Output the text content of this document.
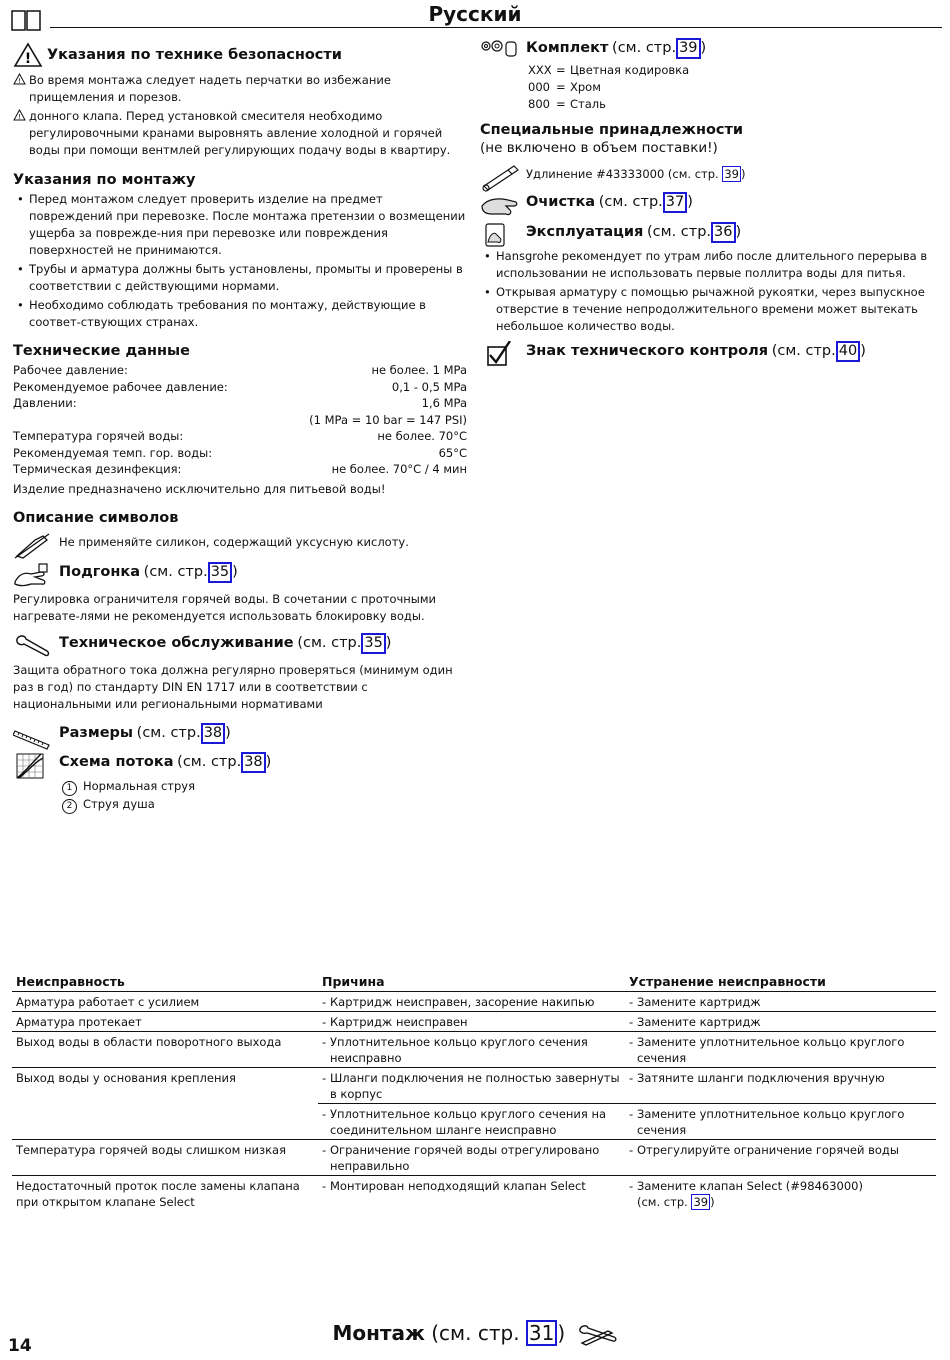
Русский
! Указания по технике безопасности
! Во время монтажа следует надеть перчатки во избежание прищемления и порезов.
! донного клапа. Перед установкой смесителя необходимо регулировочными кранами выровнять авление холодной и горячей воды при помощи вентмлей регулирующих подачу воды в квартиру.
Указания по монтажу
• Перед монтажом следует проверить изделие на предмет повреждений при перевозке. После монтажа претензии о возмещении ущерба за поврежде-ния при перевозке или повреждения поверхностей не принимаются.
• Трубы и арматура должны быть установлены, промыты и проверены в соответствии с действующими нормами.
• Необходимо соблюдать требования по монтажу, действующие в соответ-ствующих странах.
Технические данные
Рабочее давление:	не более. 1 MPa
Рекомендуемое рабочее давление:	0,1 - 0,5 MPa
Давлении:	1,6 MPa
(1 MPa = 10 bar = 147 PSI)
Температура горячей воды:	не более. 70°C
Рекомендуемая темп. гор. воды:	65°C
Термическая дезинфекция:	не более. 70°C / 4 мин
Изделие предназначено исключительно для питьевой воды!
Описание символов
Не применяйте силикон, содержащий уксусную кислоту.
Подгонка (см. стр. 35 )
Регулировка ограничителя горячей воды. В сочетании с проточными нагревате-лями не рекомендуется использовать блокировку воды.
Техническое обслуживание (см. стр. 35 )
Защита обратного тока должна регулярно проверяться (минимум один раз в год) по стандарту DIN EN 1717 или в соответствии с национальными или региональными нормативами
Размеры (см. стр. 38 )
Схема потока (см. стр. 38 )
1 Нормальная струя
2 Струя душа
Комплект (см. стр. 39 )
XXX = Цветная кодировка
000 = Хром
800 = Сталь
Специальные принадлежности
(не включено в объем поставки!)
Удлинение #43333000 (см. стр. 39 )
Очистка (см. стр. 37 )
Эксплуатация (см. стр. 36 )
• Hansgrohe рекомендует по утрам либо после длительного перерыва в использовании не использовать первые поллитра воды для питья.
• Открывая арматуру с помощью рычажной рукоятки, через выпускное отверстие в течение непродолжительного времени может вытекать небольшое количество воды.
Знак технического контроля (см. стр. 40 )
Неисправность	Причина	Устранение неисправности
Арматура работает с усилием	- Картридж неисправен, засорение накипью	- Замените картридж

Арматура протекает	- Картридж неисправен	- Замените картридж

Выход воды в области поворотного выхода	- Уплотнительное кольцо круглого сечения неисправно	- Замените уплотнительное кольцо круглого сечения

Выход воды у основания крепления	- Шланги подключения не полностью завернуты в корпус	- Затяните шланги подключения вручную

	- Уплотнительное кольцо круглого сечения на соединительном шланге неисправно	- Замените уплотнительное кольцо круглого сечения

Температура горячей воды слишком низкая	- Ограничение горячей воды отрегулировано неправильно	- Отрегулируйте ограничение горячей воды

Недостаточный проток после замены клапана при открытом клапане Select	- Монтирован неподходящий клапан Select	- Замените клапан Select (#98463000)
(см. стр. 39 )
14
Монтаж (см. стр. 31 )
